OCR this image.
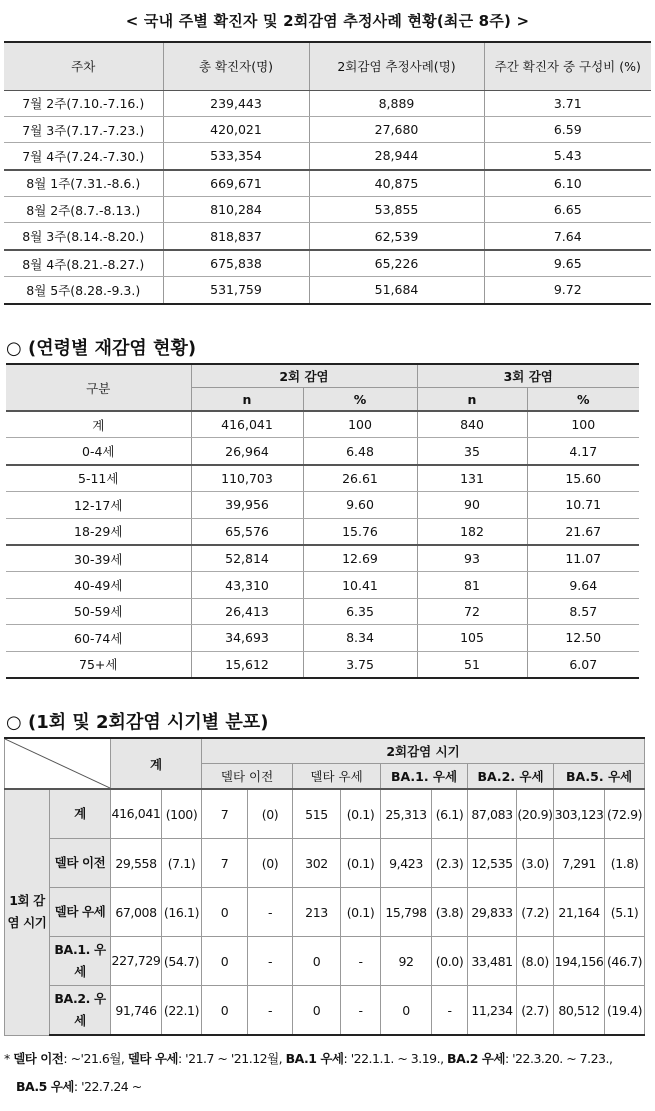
< 국내 주별 확진자 및 2회감염 추정사례 현황(최근 8주) >
주차	총 확진자(명)	2회감염 추정사례(명)	주간 확진자 중 구성비 (%)
7월 2주(7.10.-7.16.)	239,443	8,889	3.71
7월 3주(7.17.-7.23.)	420,021	27,680	6.59
7월 4주(7.24.-7.30.)	533,354	28,944	5.43
8월 1주(7.31.-8.6.)	669,671	40,875	6.10
8월 2주(8.7.-8.13.)	810,284	53,855	6.65
8월 3주(8.14.-8.20.)	818,837	62,539	7.64
8월 4주(8.21.-8.27.)	675,838	65,226	9.65
8월 5주(8.28.-9.3.)	531,759	51,684	9.72
○ (연령별 재감염 현황)
구분	2회 감염		3회 감염	
	n	%	n	%
계	416,041	100	840	100
0-4세	26,964	6.48	35	4.17
5-11세	110,703	26.61	131	15.60
12-17세	39,956	9.60	90	10.71
18-29세	65,576	15.76	182	21.67
30-39세	52,814	12.69	93	11.07
40-49세	43,310	10.41	81	9.64
50-59세	26,413	6.35	72	8.57
60-74세	34,693	8.34	105	12.50
75+세	15,612	3.75	51	6.07
○ (1회 및 2회감염 시기별 분포)
	계		2회감염 시기									
				델타 이전		델타 우세		BA.1. 우세		BA.2. 우세		BA.5. 우세	
1회 감염 시기	계	416,041	(100)	7	(0)	515	(0.1)	25,313	(6.1)	87,083	(20.9)	303,123	(72.9)
	델타 이전	29,558	(7.1)	7	(0)	302	(0.1)	9,423	(2.3)	12,535	(3.0)	7,291	(1.8)
	델타 우세	67,008	(16.1)	0	-	213	(0.1)	15,798	(3.8)	29,833	(7.2)	21,164	(5.1)
	BA.1. 우세	227,729	(54.7)	0	-	0	-	92	(0.0)	33,481	(8.0)	194,156	(46.7)
	BA.2. 우세	91,746	(22.1)	0	-	0	-	0	-	11,234	(2.7)	80,512	(19.4)
* 델타 이전: ~'21.6월, 델타 우세: '21.7 ~ '21.12월, BA.1 우세: '22.1.1. ~ 3.19., BA.2 우세: '22.3.20. ~ 7.23.,
BA.5 우세: '22.7.24 ~
